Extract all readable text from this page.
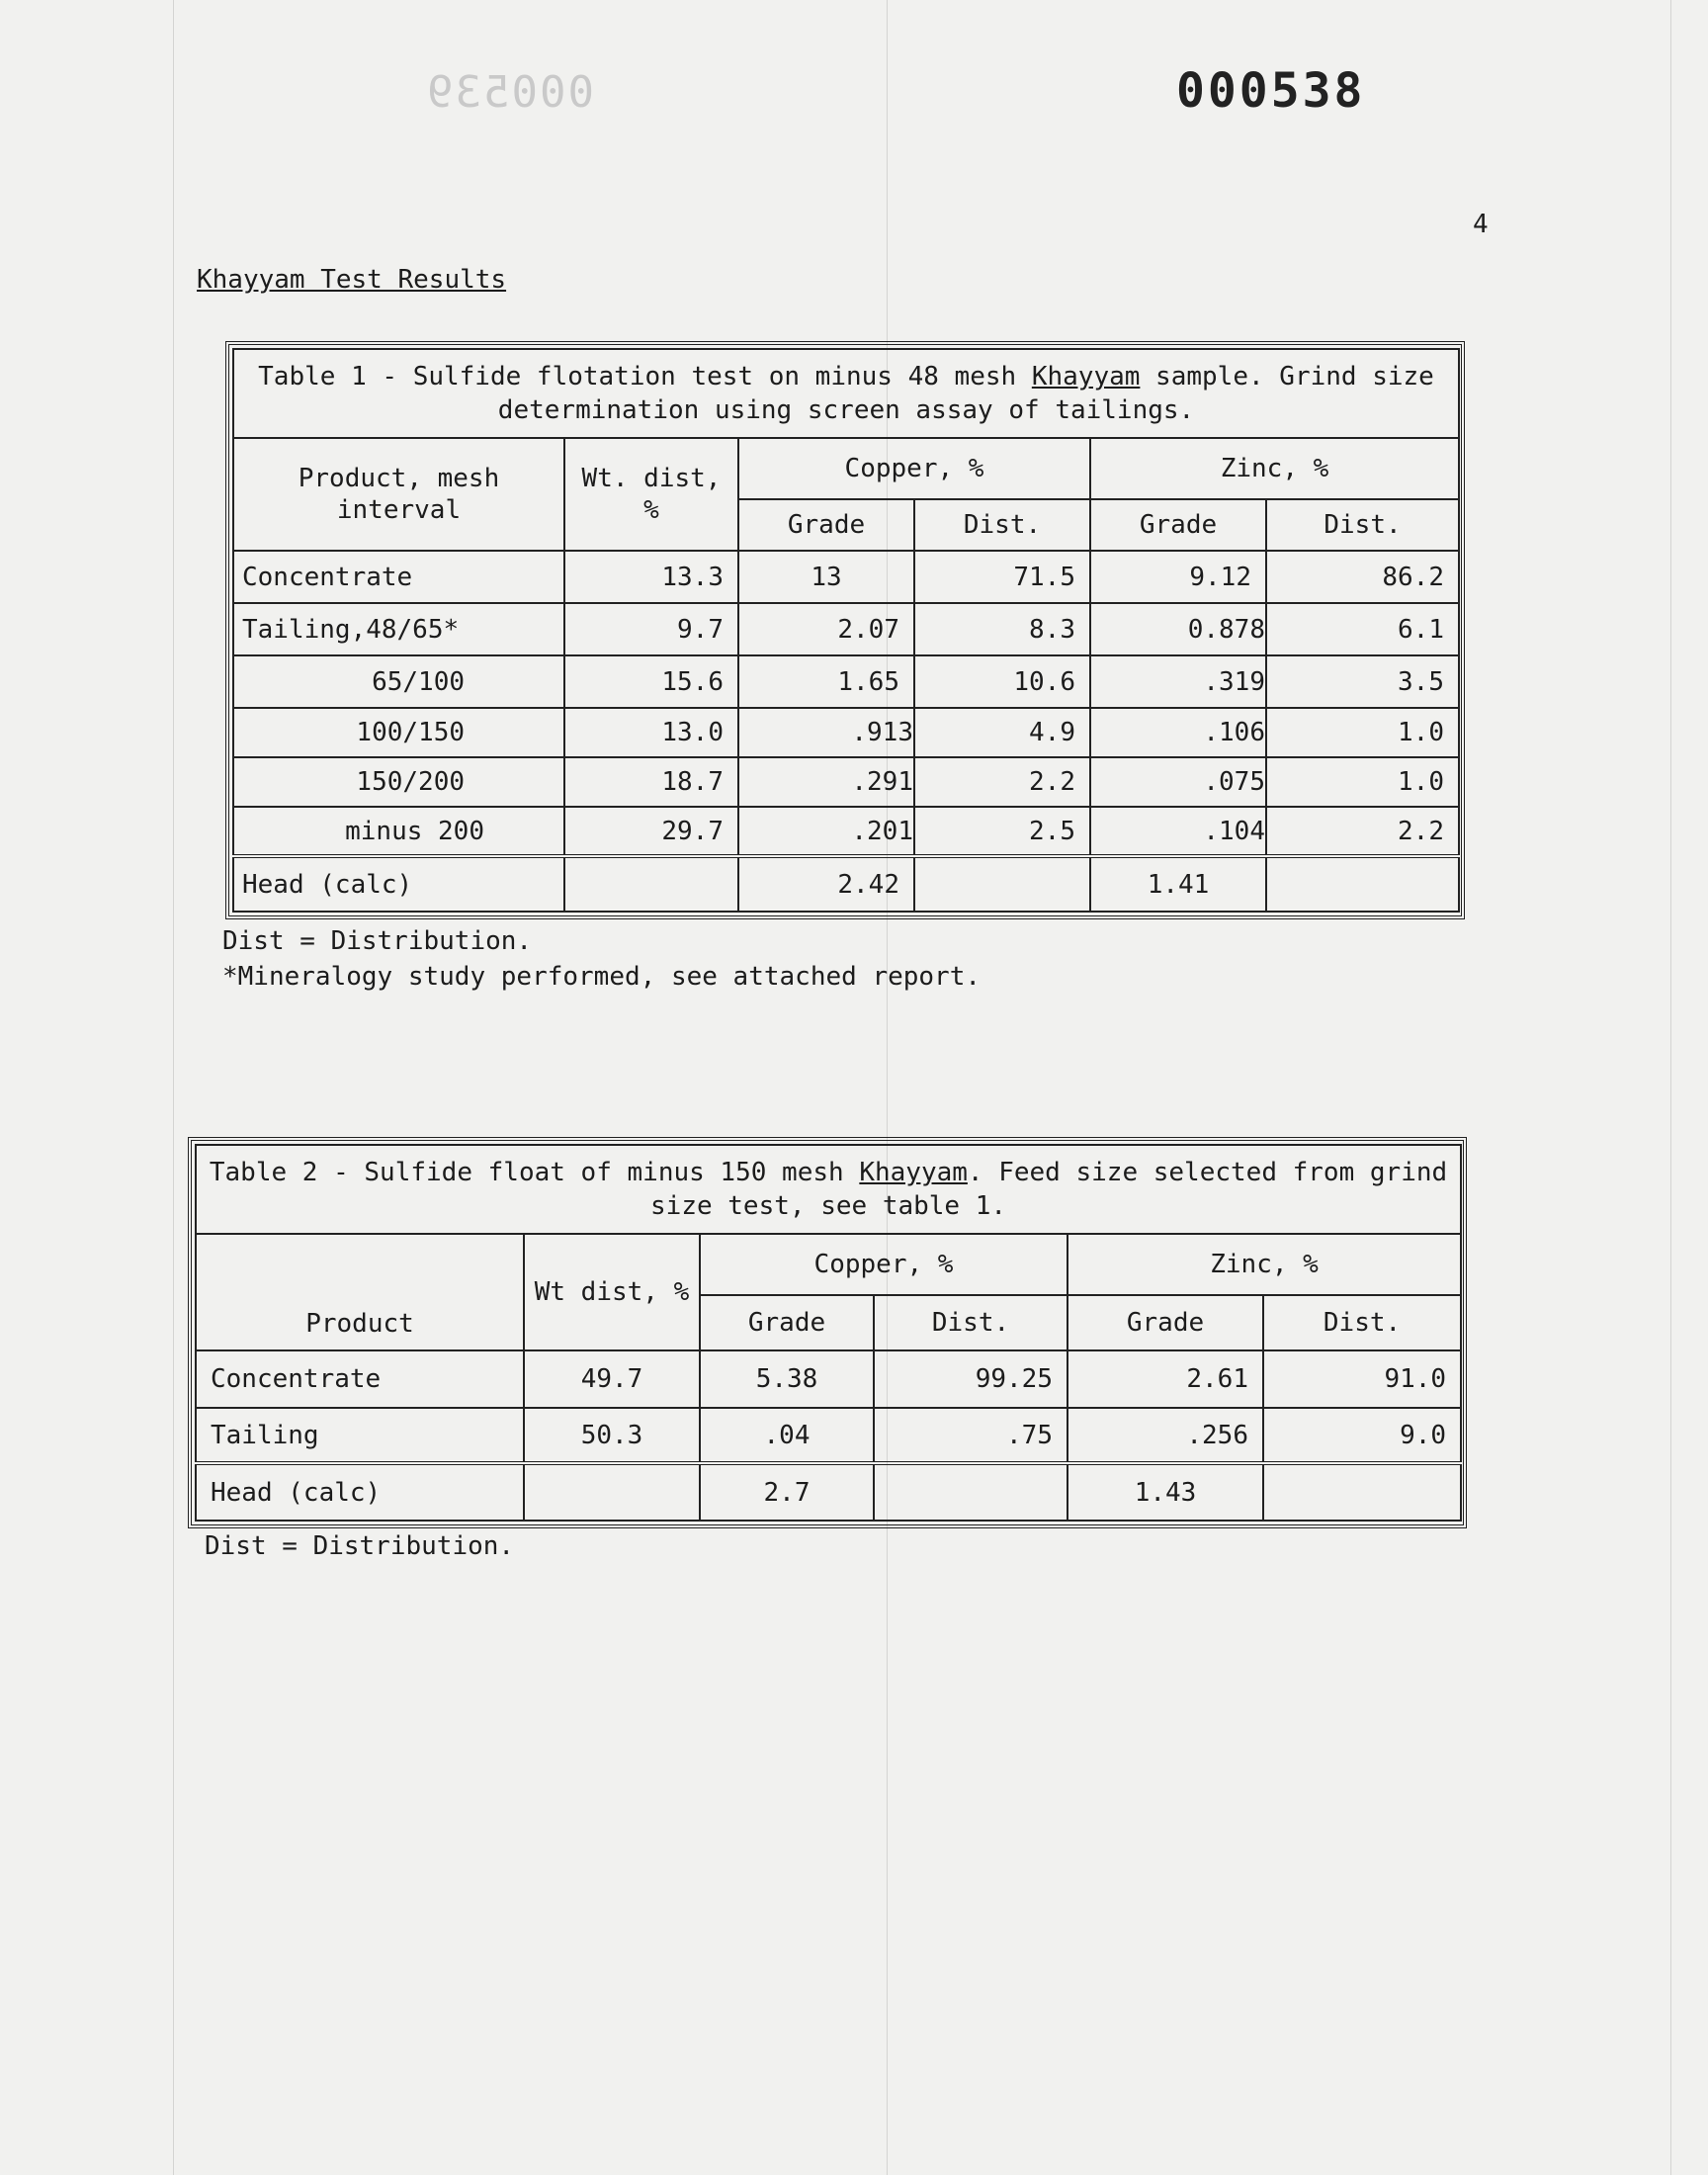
000539	000538
4
Khayyam Test Results
Table 1 - Sulfide flotation test on minus 48 mesh Khayyam sample. Grind size determination using screen assay of tailings.					
Product, mesh interval	Wt. dist, %	Copper, %		Zinc, %	
		Grade	Dist.	Grade	Dist.
Concentrate	13.3	13	71.5	9.12	86.2
Tailing,48/65*	9.7	2.07	8.3	0.878	6.1
65/100	15.6	1.65	10.6	.319	3.5
100/150	13.0	.913	4.9	.106	1.0
150/200	18.7	.291	2.2	.075	1.0
minus 200	29.7	.201	2.5	.104	2.2
Head (calc)		2.42		1.41	
Dist = Distribution.
*Mineralogy study performed, see attached report.
Table 2 - Sulfide float of minus 150 mesh Khayyam. Feed size selected from grind size test, see table 1.					
Product	Wt dist, %	Copper, %		Zinc, %	
		Grade	Dist.	Grade	Dist.
Concentrate	49.7	5.38	99.25	2.61	91.0
Tailing	50.3	.04	.75	.256	9.0
Head (calc)		2.7		1.43	
Dist = Distribution.
